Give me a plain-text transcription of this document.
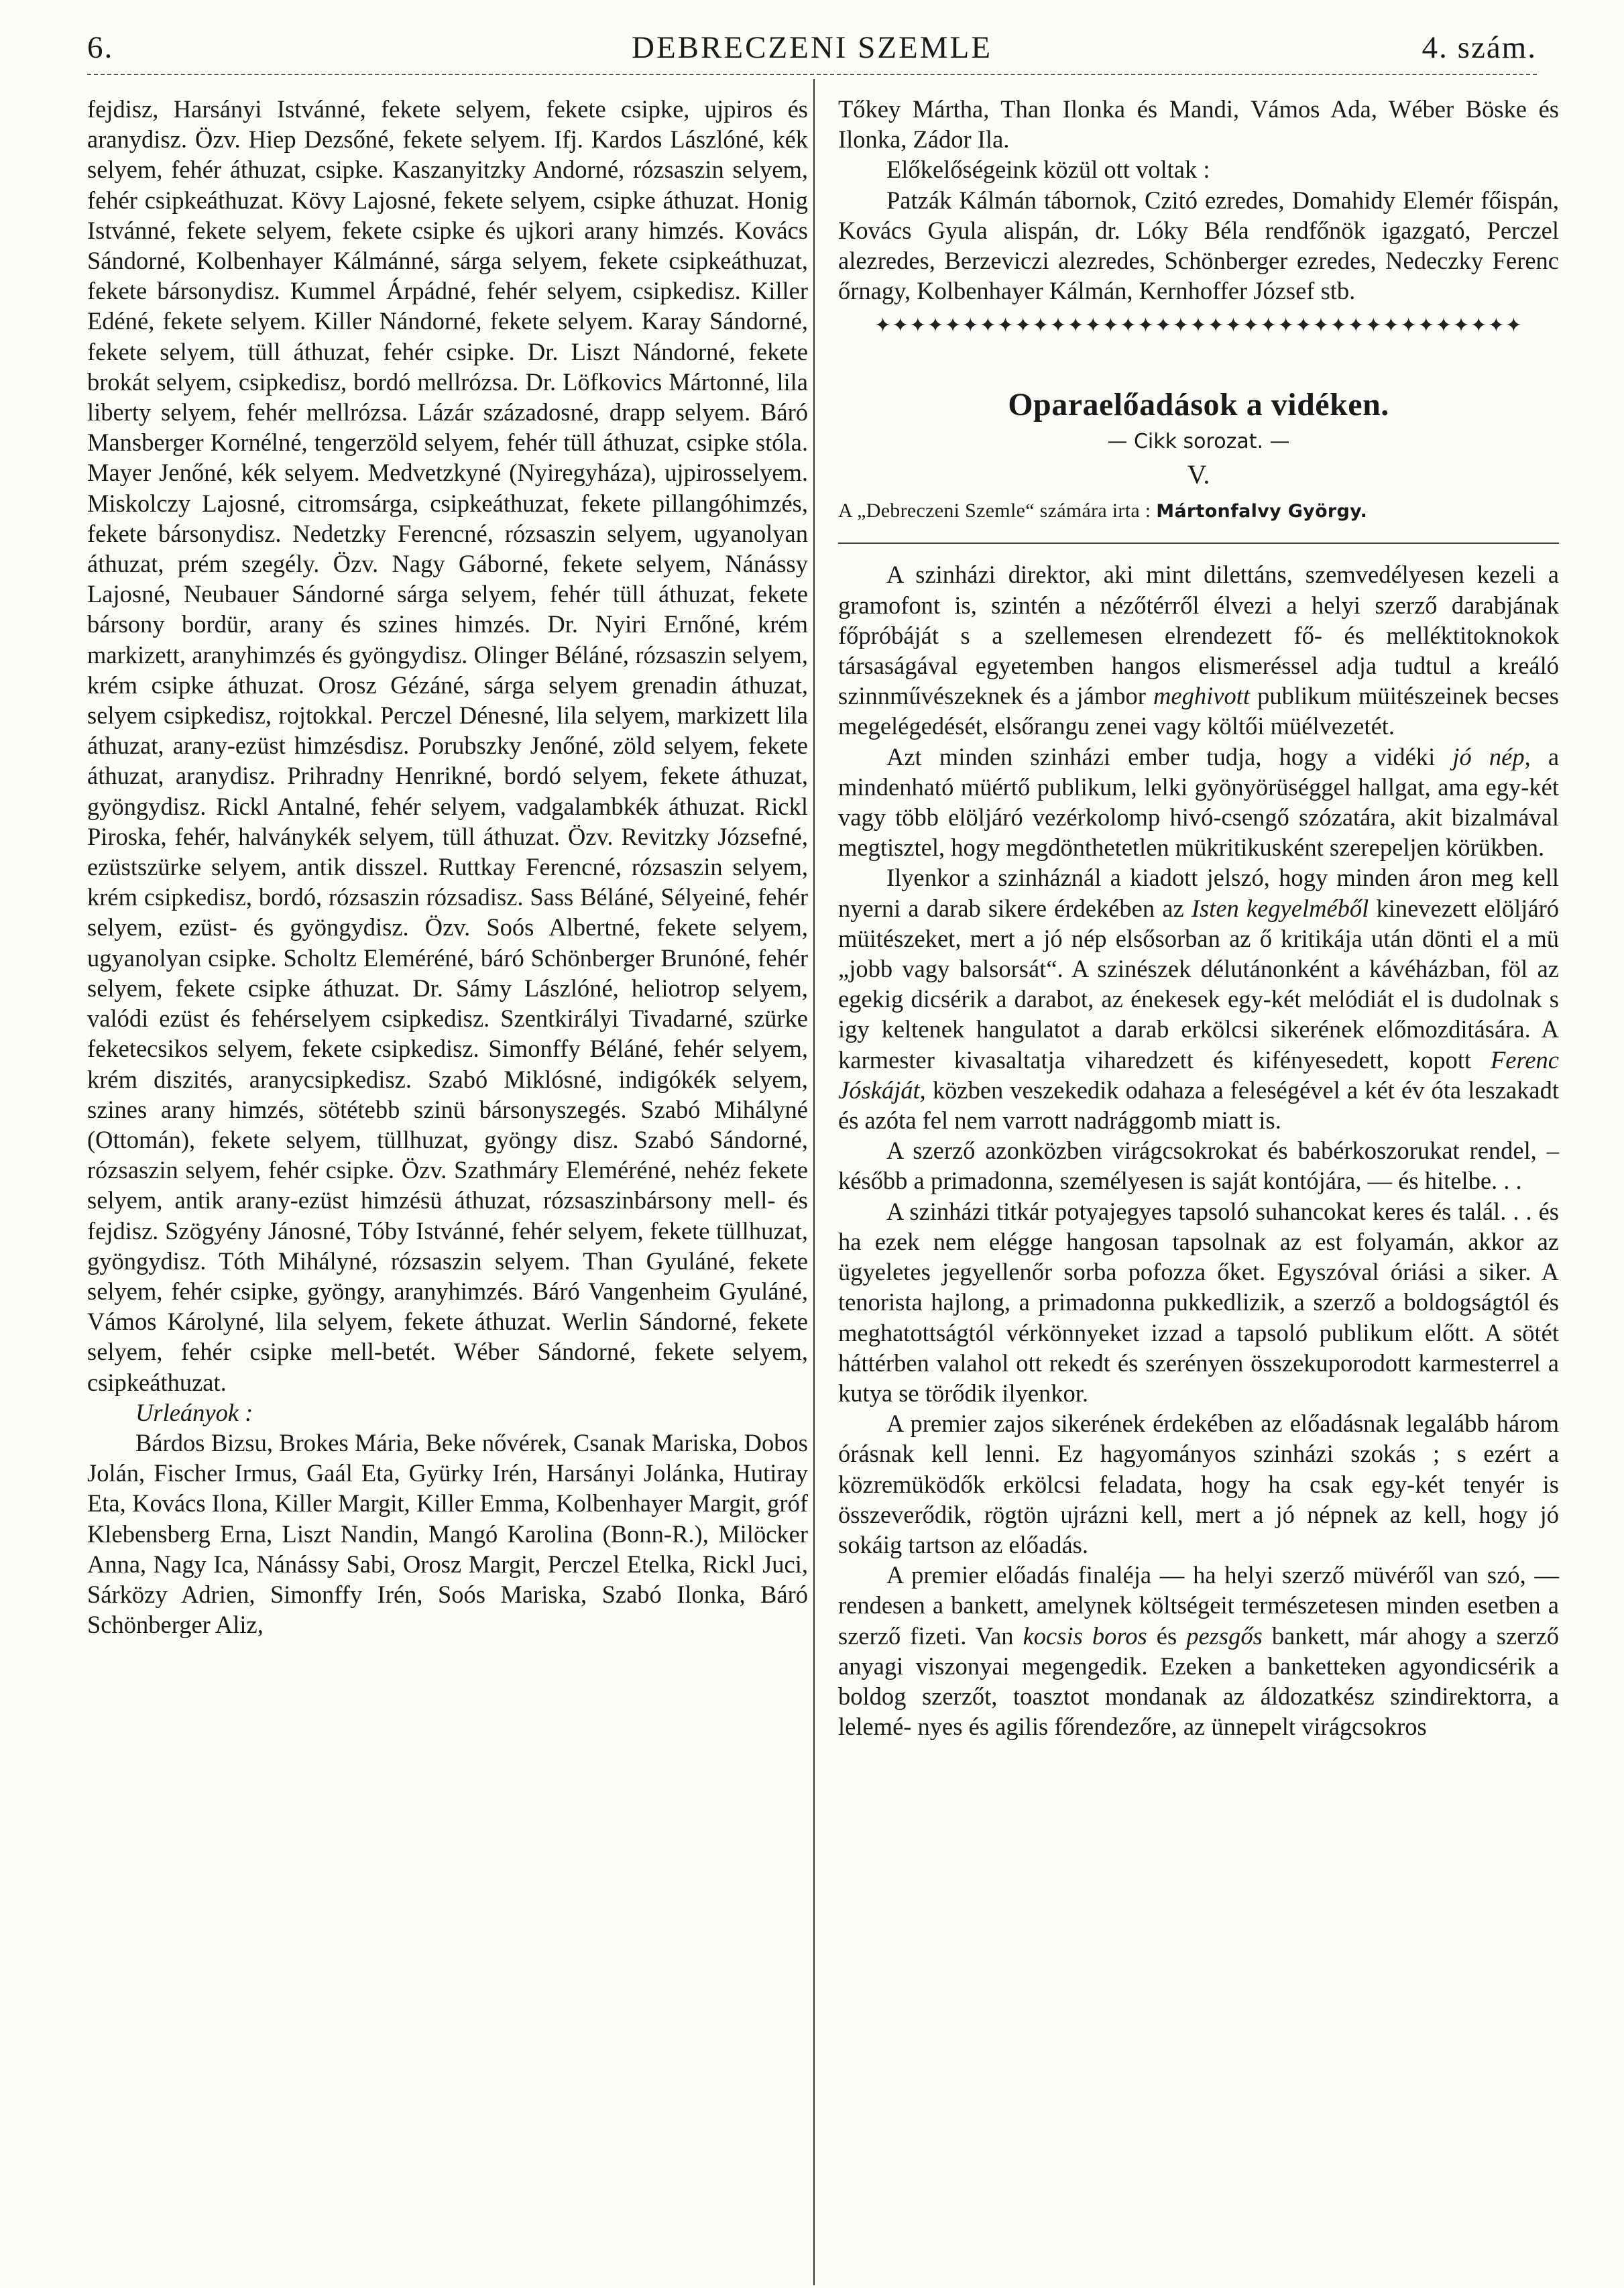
6.	DEBRECZENI SZEMLE	4. szám.

fejdisz, Harsányi Istvánné, fekete selyem, fekete csipke, ujpiros és aranydisz. Özv. Hiep Dezsőné, fekete selyem. Ifj. Kardos Lászlóné, kék selyem, fehér áthuzat, csipke. Kaszanyitzky Andorné, rózsaszin selyem, fehér csipkeáthuzat. Kövy Lajosné, fekete selyem, csipke áthuzat. Honig Istvánné, fekete selyem, fekete csipke és ujkori arany himzés. Kovács Sándorné, Kolbenhayer Kálmánné, sárga selyem, fekete csipkeáthuzat, fekete bársonydisz. Kummel Árpádné, fehér selyem, csipkedisz. Killer Edéné, fekete selyem. Killer Nándorné, fekete selyem. Karay Sándorné, fekete selyem, tüll áthuzat, fehér csipke. Dr. Liszt Nándorné, fekete brokát selyem, csipkedisz, bordó mellrózsa. Dr. Löfkovics Mártonné, lila liberty selyem, fehér mellrózsa. Lázár századosné, drapp selyem. Báró Mansberger Kornélné, tengerzöld selyem, fehér tüll áthuzat, csipke stóla. Mayer Jenőné, kék selyem. Medvetzkyné (Nyiregyháza), ujpirosselyem. Miskolczy Lajosné, citromsárga, csipkeáthuzat, fekete pillangóhimzés, fekete bársonydisz. Nedetzky Ferencné, rózsaszin selyem, ugyanolyan áthuzat, prém szegély. Özv. Nagy Gáborné, fekete selyem, Nánássy Lajosné, Neubauer Sándorné sárga selyem, fehér tüll áthuzat, fekete bársony bordür, arany és szines himzés. Dr. Nyiri Ernőné, krém markizett, aranyhimzés és gyöngydisz. Olinger Béláné, rózsaszin selyem, krém csipke áthuzat. Orosz Gézáné, sárga selyem grenadin áthuzat, selyem csipkedisz, rojtokkal. Perczel Dénesné, lila selyem, markizett lila áthuzat, arany-ezüst himzésdisz. Porubszky Jenőné, zöld selyem, fekete áthuzat, aranydisz. Prihradny Henrikné, bordó selyem, fekete áthuzat, gyöngydisz. Rickl Antalné, fehér selyem, vadgalambkék áthuzat. Rickl Piroska, fehér, halványkék selyem, tüll áthuzat. Özv. Revitzky Józsefné, ezüstszürke selyem, antik disszel. Ruttkay Ferencné, rózsaszin selyem, krém csipkedisz, bordó, rózsaszin rózsadisz. Sass Béláné, Sélyeiné, fehér selyem, ezüst- és gyöngydisz. Özv. Soós Albertné, fekete selyem, ugyanolyan csipke. Scholtz Eleméréné, báró Schönberger Brunóné, fehér selyem, fekete csipke áthuzat. Dr. Sámy Lászlóné, heliotrop selyem, valódi ezüst és fehérselyem csipkedisz. Szentkirályi Tivadarné, szürke feketecsikos selyem, fekete csipkedisz. Simonffy Béláné, fehér selyem, krém diszités, aranycsipkedisz. Szabó Miklósné, indigókék selyem, szines arany himzés, sötétebb szinü bársonyszegés. Szabó Mihályné (Ottomán), fekete selyem, tüllhuzat, gyöngy disz. Szabó Sándorné, rózsaszin selyem, fehér csipke. Özv. Szathmáry Eleméréné, nehéz fekete selyem, antik arany-ezüst himzésü áthuzat, rózsaszinbársony mell- és fejdisz. Szögyény Jánosné, Tóby Istvánné, fehér selyem, fekete tüllhuzat, gyöngydisz. Tóth Mihályné, rózsaszin selyem. Than Gyuláné, fekete selyem, fehér csipke, gyöngy, aranyhimzés. Báró Vangenheim Gyuláné, Vámos Károlyné, lila selyem, fekete áthuzat. Werlin Sándorné, fekete selyem, fehér csipke mell-betét. Wéber Sándorné, fekete selyem, csipkeáthuzat.

Urleányok :

Bárdos Bizsu, Brokes Mária, Beke nővérek, Csanak Mariska, Dobos Jolán, Fischer Irmus, Gaál Eta, Gyürky Irén, Harsányi Jolánka, Hutiray Eta, Kovács Ilona, Killer Margit, Killer Emma, Kolbenhayer Margit, gróf Klebensberg Erna, Liszt Nandin, Mangó Karolina (Bonn-R.), Milöcker Anna, Nagy Ica, Nánássy Sabi, Orosz Margit, Perczel Etelka, Rickl Juci, Sárközy Adrien, Simonffy Irén, Soós Mariska, Szabó Ilonka, Báró Schönberger Aliz,

Tőkey Mártha, Than Ilonka és Mandi, Vámos Ada, Wéber Böske és Ilonka, Zádor Ila.

Előkelőségeink közül ott voltak :

Patzák Kálmán tábornok, Czitó ezredes, Domahidy Elemér főispán, Kovács Gyula alispán, dr. Lóky Béla rendfőnök igazgató, Perczel alezredes, Berzeviczi alezredes, Schönberger ezredes, Nedeczky Ferenc őrnagy, Kolbenhayer Kálmán, Kernhoffer József stb.

✦✦✦✦✦✦✦✦✦✦✦✦✦✦✦✦✦✦✦✦✦✦✦✦✦✦✦✦✦✦✦✦✦✦✦✦✦
Oparaelőadások a vidéken.
— Cikk sorozat. —
V.
A „Debreczeni Szemle“ számára irta : Mártonfalvy György.

A szinházi direktor, aki mint dilettáns, szemvedélyesen kezeli a gramofont is, szintén a nézőtérről élvezi a helyi szerző darabjának főpróbáját s a szellemesen elrendezett fő- és melléktitoknokok társaságával egyetemben hangos elismeréssel adja tudtul a kreáló szinnművészeknek és a jámbor meghivott publikum müitészeinek becses megelégedését, elsőrangu zenei vagy költői müélvezetét.

Azt minden szinházi ember tudja, hogy a vidéki jó nép, a mindenható müértő publikum, lelki gyönyörüséggel hallgat, ama egy-két vagy több elöljáró vezérkolomp hivó-csengő szózatára, akit bizalmával megtisztel, hogy megdönthetetlen mükritikusként szerepeljen körükben.

Ilyenkor a szinháznál a kiadott jelszó, hogy minden áron meg kell nyerni a darab sikere érdekében az Isten kegyelméből kinevezett elöljáró müitészeket, mert a jó nép elsősorban az ő kritikája után dönti el a mü „jobb vagy balsorsát“. A szinészek délutánonként a kávéházban, föl az egekig dicsérik a darabot, az énekesek egy-két melódiát el is dudolnak s igy keltenek hangulatot a darab erkölcsi sikerének előmozditására. A karmester kivasaltatja viharedzett és kifényesedett, kopott Ferenc Jóskáját, közben veszekedik odahaza a feleségével a két év óta leszakadt és azóta fel nem varrott nadrággomb miatt is.

A szerző azonközben virágcsokrokat és babérkoszorukat rendel, – később a primadonna, személyesen is saját kontójára, — és hitelbe. . .

A szinházi titkár potyajegyes tapsoló suhancokat keres és talál. . . és ha ezek nem elégge hangosan tapsolnak az est folyamán, akkor az ügyeletes jegyellenőr sorba pofozza őket. Egyszóval óriási a siker. A tenorista hajlong, a primadonna pukkedlizik, a szerző a boldogságtól és meghatottságtól vérkönnyeket izzad a tapsoló publikum előtt. A sötét háttérben valahol ott rekedt és szerényen összekuporodott karmesterrel a kutya se törődik ilyenkor.

A premier zajos sikerének érdekében az előadásnak legalább három órásnak kell lenni. Ez hagyományos szinházi szokás ; s ezért a közremüködők erkölcsi feladata, hogy ha csak egy-két tenyér is összeverődik, rögtön ujrázni kell, mert a jó népnek az kell, hogy jó sokáig tartson az előadás.

A premier előadás finaléja — ha helyi szerző müvéről van szó, — rendesen a bankett, amelynek költségeit természetesen minden esetben a szerző fizeti. Van kocsis boros és pezsgős bankett, már ahogy a szerző anyagi viszonyai megengedik. Ezeken a banketteken agyondicsérik a boldog szerzőt, toasztot mondanak az áldozatkész szindirektorra, a lelemé- nyes és agilis főrendezőre, az ünnepelt virágcsokros
